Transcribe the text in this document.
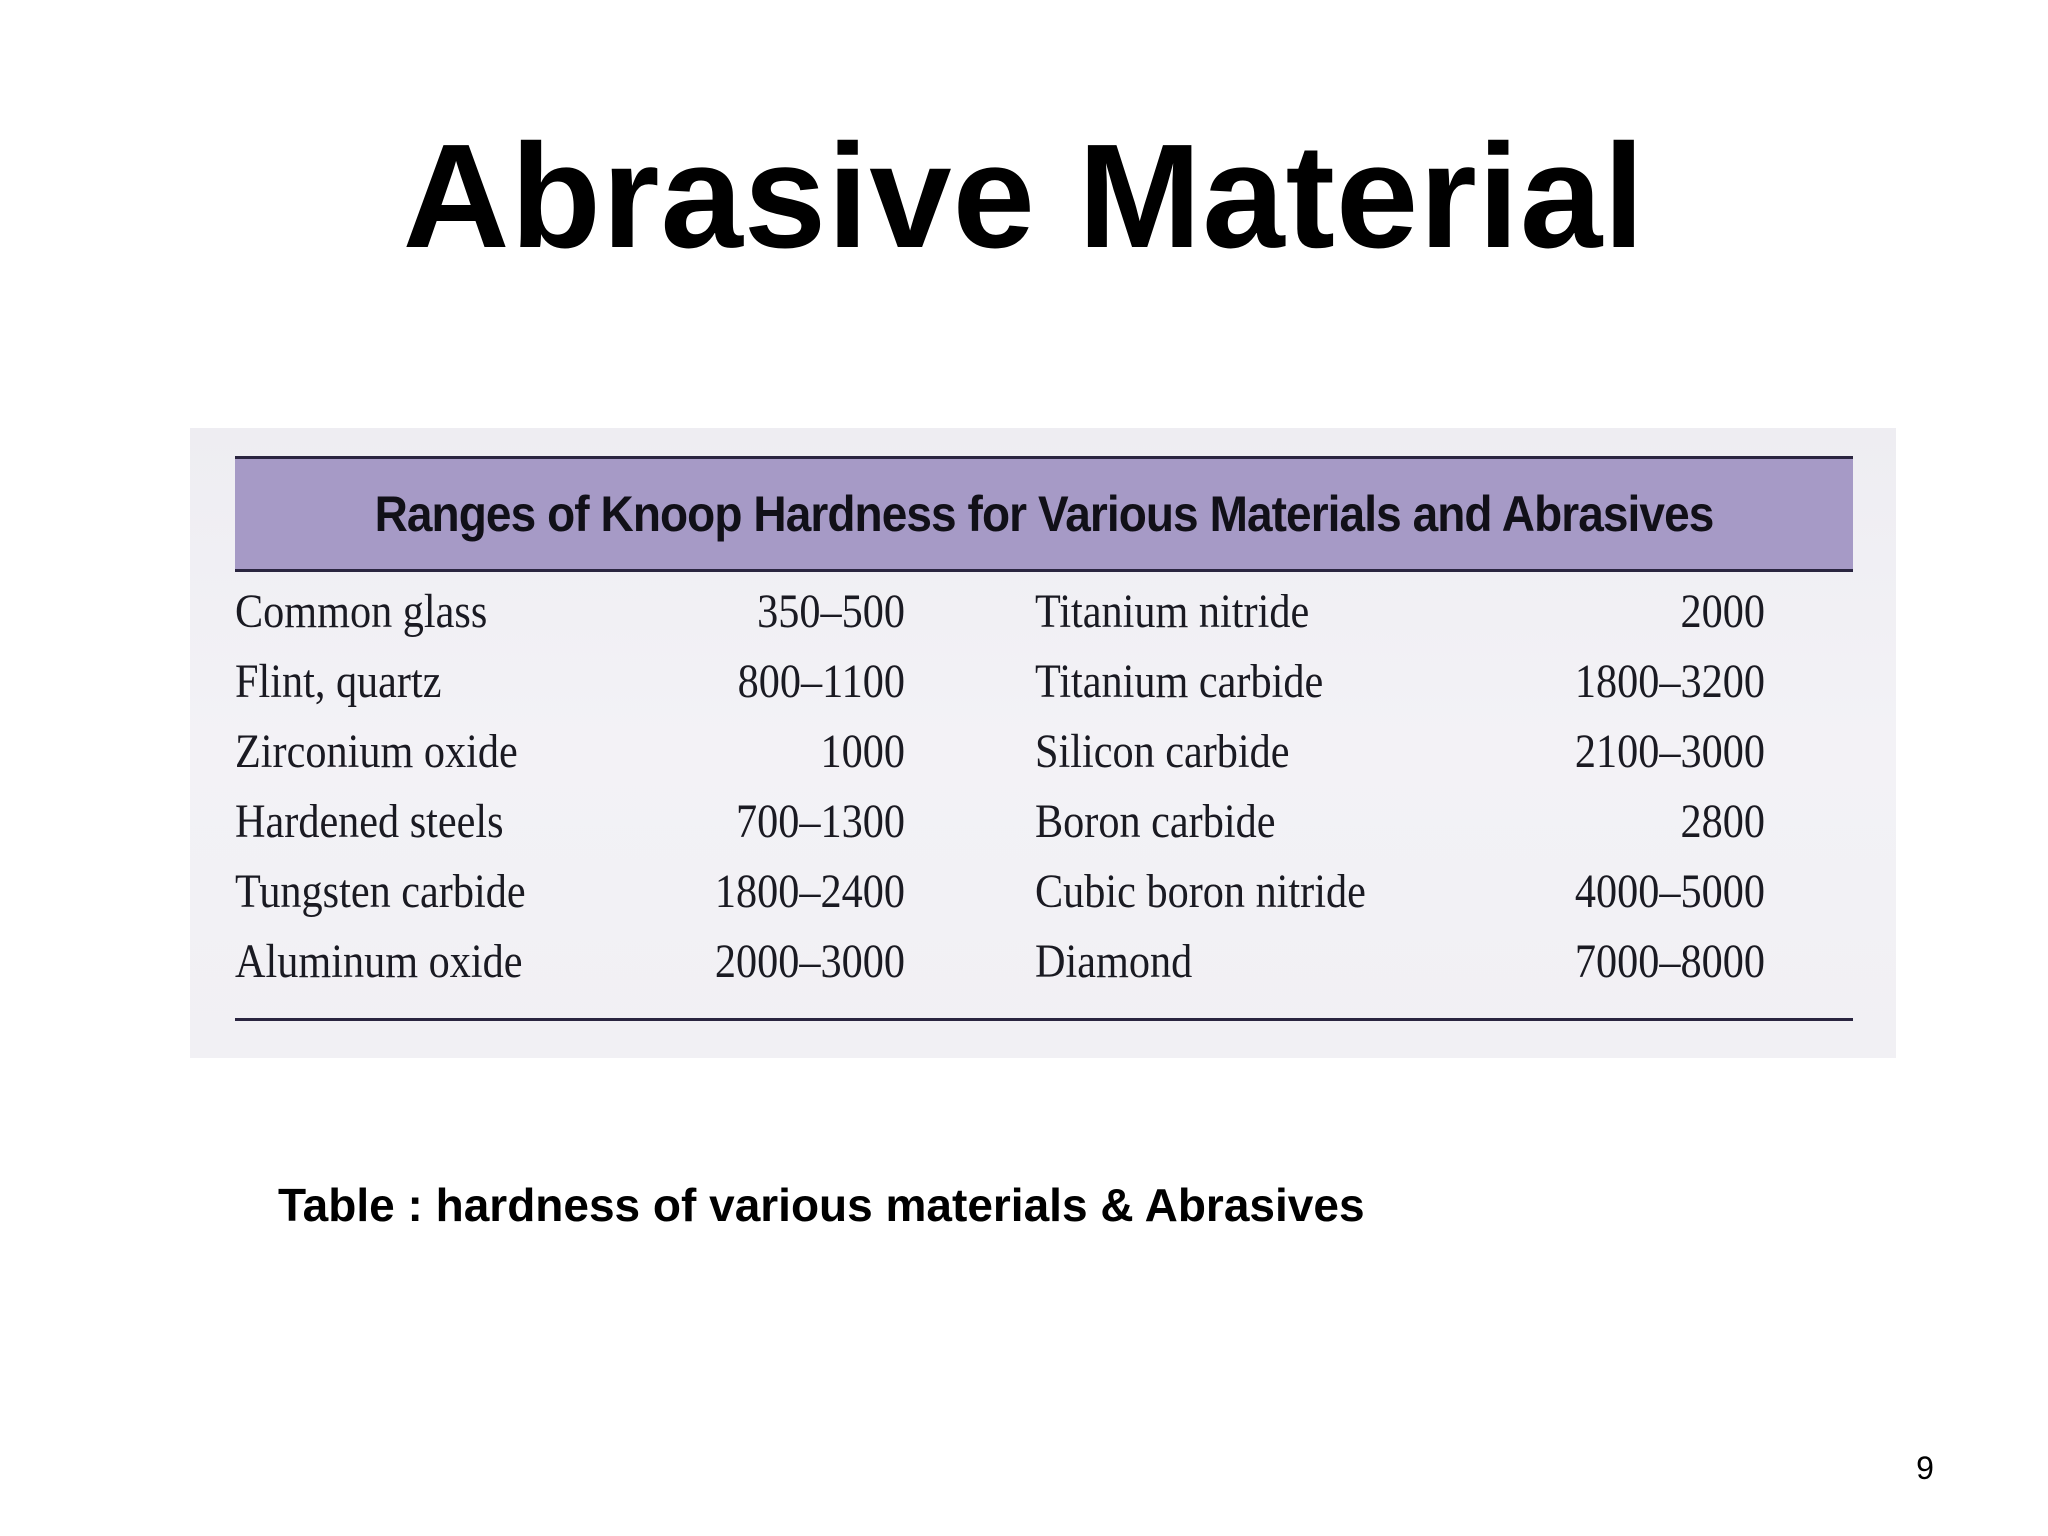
Abrasive Material
Ranges of Knoop Hardness for Various Materials and Abrasives
Common glass	350–500	Titanium nitride	2000
Flint, quartz	800–1100	Titanium carbide	1800–3200
Zirconium oxide	1000	Silicon carbide	2100–3000
Hardened steels	700–1300	Boron carbide	2800
Tungsten carbide	1800–2400	Cubic boron nitride	4000–5000
Aluminum oxide	2000–3000	Diamond	7000–8000
Table : hardness of various materials & Abrasives
9
